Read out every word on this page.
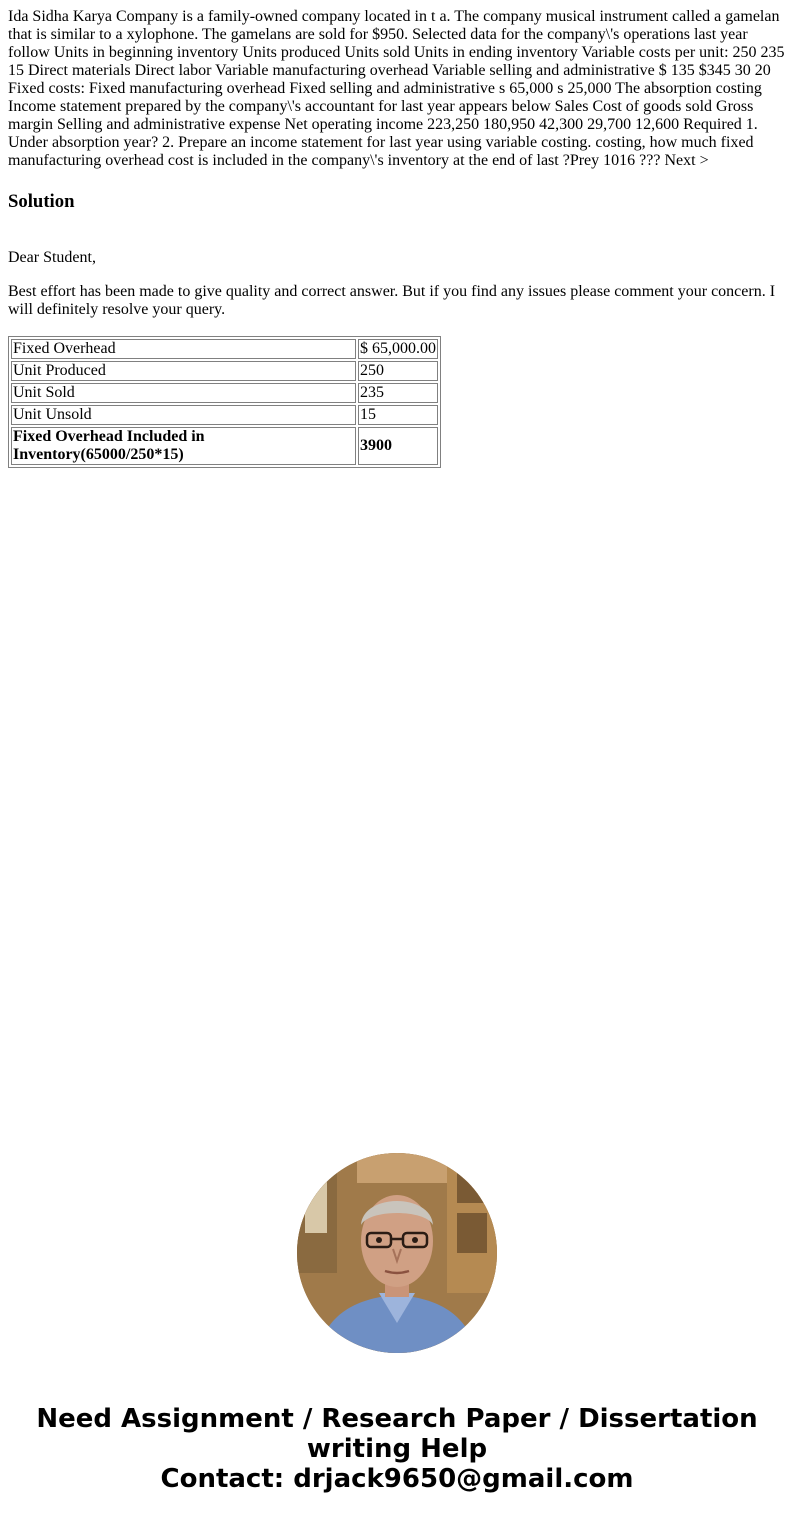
Ida Sidha Karya Company is a family-owned company located in t a. The company musical instrument called a gamelan that is similar to a xylophone. The gamelans are sold for $950. Selected data for the company\'s operations last year follow Units in beginning inventory Units produced Units sold Units in ending inventory Variable costs per unit: 250 235 15 Direct materials Direct labor Variable manufacturing overhead Variable selling and administrative $ 135 $345 30 20 Fixed costs: Fixed manufacturing overhead Fixed selling and administrative s 65,000 s 25,000 The absorption costing Income statement prepared by the company\'s accountant for last year appears below Sales Cost of goods sold Gross margin Selling and administrative expense Net operating income 223,250 180,950 42,300 29,700 12,600 Required 1. Under absorption year? 2. Prepare an income statement for last year using variable costing. costing, how much fixed manufacturing overhead cost is included in the company\'s inventory at the end of last ?Prey 1016 ??? Next >

Solution

Dear Student,

Best effort has been made to give quality and correct answer. But if you find any issues please comment your concern. I will definitely resolve your query.

Fixed Overhead	$ 65,000.00
Unit Produced	250
Unit Sold	235
Unit Unsold	15
Fixed Overhead Included in Inventory(65000/250*15)	3900
Need Assignment / Research Paper / Dissertation
writing Help
Contact: drjack9650@gmail.com
